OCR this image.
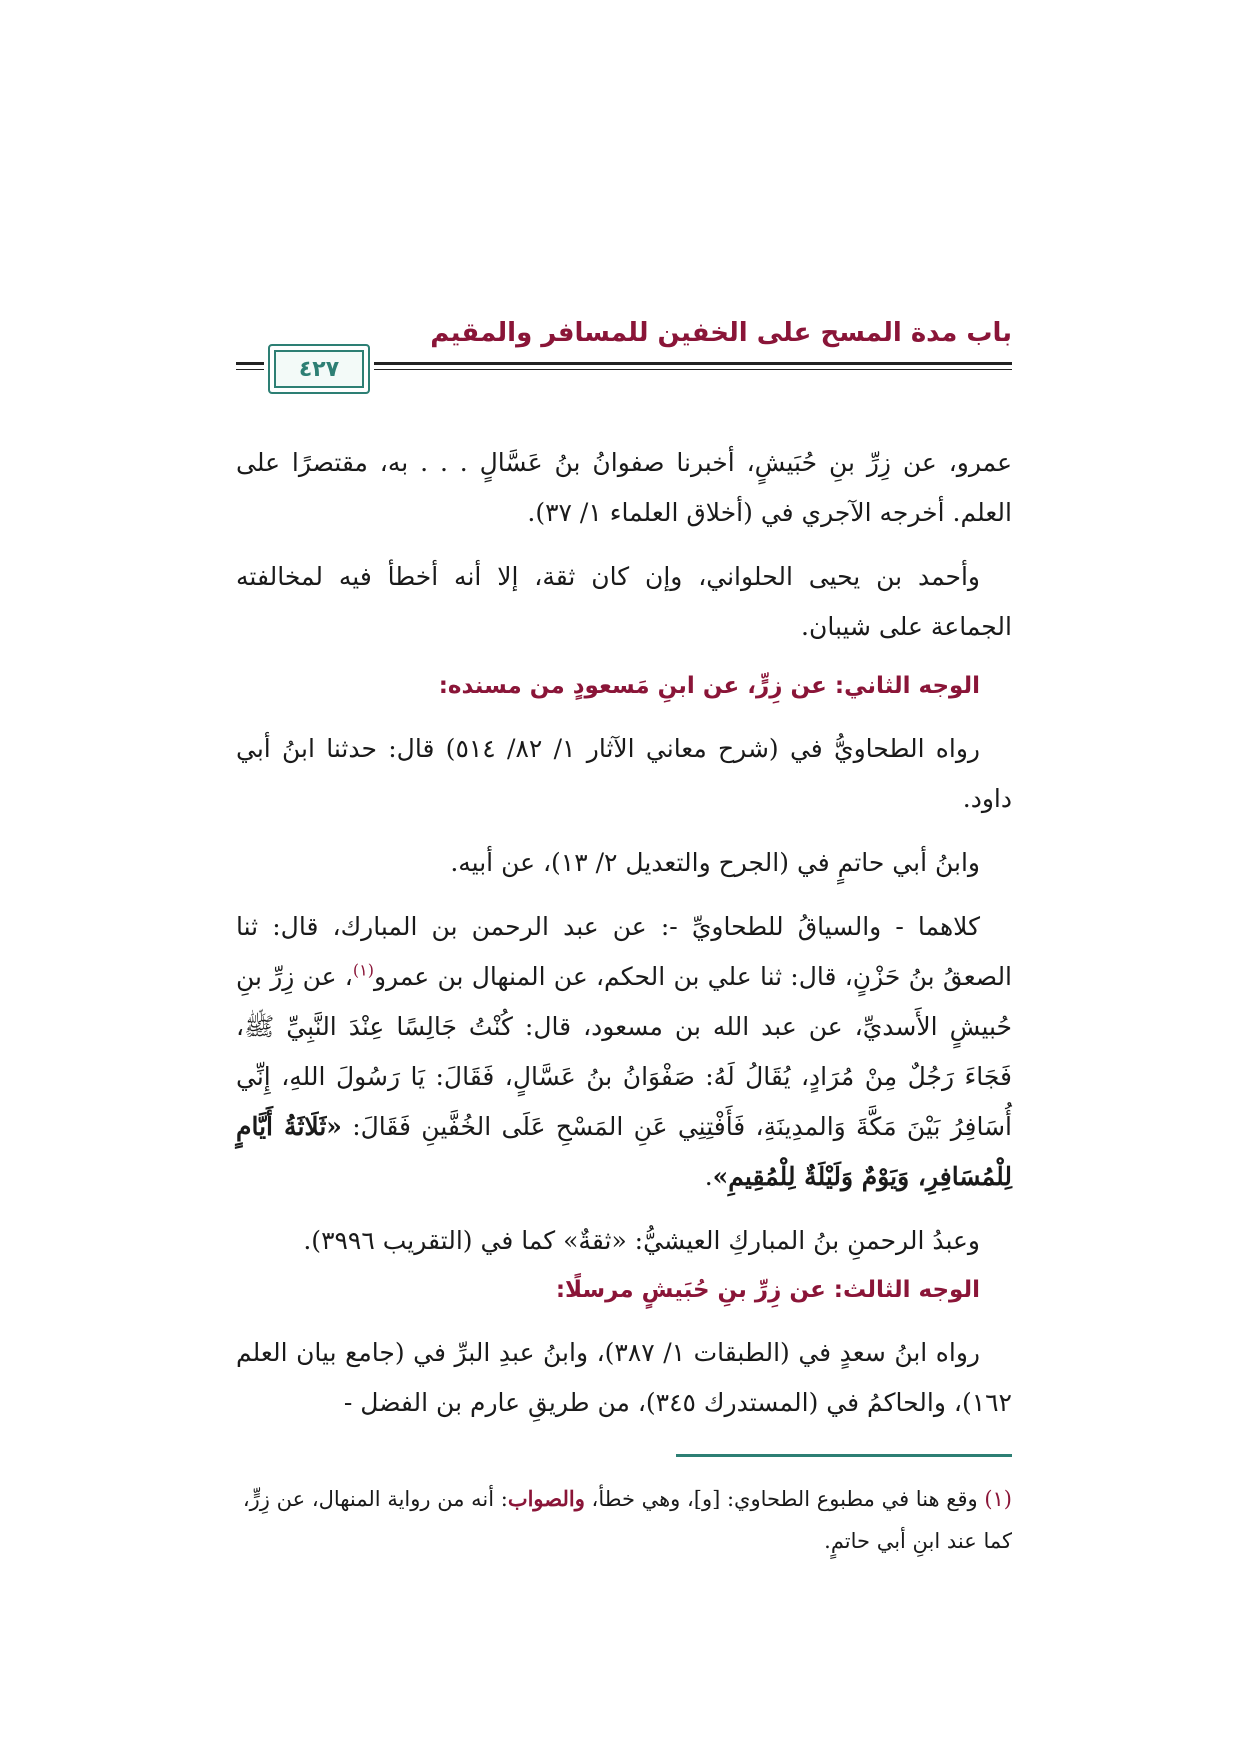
باب مدة المسح على الخفين للمسافر والمقيم
٤٢٧

عمرو، عن زِرِّ بنِ حُبَيشٍ، أخبرنا صفوانُ بنُ عَسَّالٍ . . . به، مقتصرًا على العلم. أخرجه الآجري في (أخلاق العلماء ١/ ٣٧).

وأحمد بن يحيى الحلواني، وإن كان ثقة، إلا أنه أخطأ فيه لمخالفته الجماعة على شيبان.

الوجه الثاني: عن زِرٍّ، عن ابنِ مَسعودٍ من مسنده:

رواه الطحاويُّ في (شرح معاني الآثار ١/ ٨٢/ ٥١٤) قال: حدثنا ابنُ أبي داود.

وابنُ أبي حاتمٍ في (الجرح والتعديل ٢/ ١٣)، عن أبيه.

كلاهما - والسياقُ للطحاويِّ -: عن عبد الرحمن بن المبارك، قال: ثنا الصعقُ بنُ حَزْنٍ، قال: ثنا علي بن الحكم، عن المنهال بن عمرو$^{(١)}$، عن زِرِّ بنِ حُبيشٍ الأَسديِّ، عن عبد الله بن مسعود، قال: كُنْتُ جَالِسًا عِنْدَ النَّبِيِّ ﷺ، فَجَاءَ رَجُلٌ مِنْ مُرَادٍ، يُقَالُ لَهُ: صَفْوَانُ بنُ عَسَّالٍ، فَقَالَ: يَا رَسُولَ اللهِ، إِنِّي أُسَافِرُ بَيْنَ مَكَّةَ وَالمدِينَةِ، فَأَفْتِنِي عَنِ المَسْحِ عَلَى الخُفَّينِ فَقَالَ: «ثَلَاثَةُ أَيَّامٍ لِلْمُسَافِرِ، وَيَوْمٌ وَلَيْلَةٌ لِلْمُقِيمِ».

وعبدُ الرحمنِ بنُ المباركِ العيشيُّ: «ثقةٌ» كما في (التقريب ٣٩٩٦).

الوجه الثالث: عن زِرِّ بنِ حُبَيشٍ مرسلًا:

رواه ابنُ سعدٍ في (الطبقات ١/ ٣٨٧)، وابنُ عبدِ البرِّ في (جامع بيان العلم ١٦٢)، والحاكمُ في (المستدرك ٣٤٥)، من طريقِ عارم بن الفضل -

(١) وقع هنا في مطبوع الطحاوي: [و]، وهي خطأ، والصواب: أنه من رواية المنهال، عن زِرٍّ، كما عند ابنِ أبي حاتمٍ.
